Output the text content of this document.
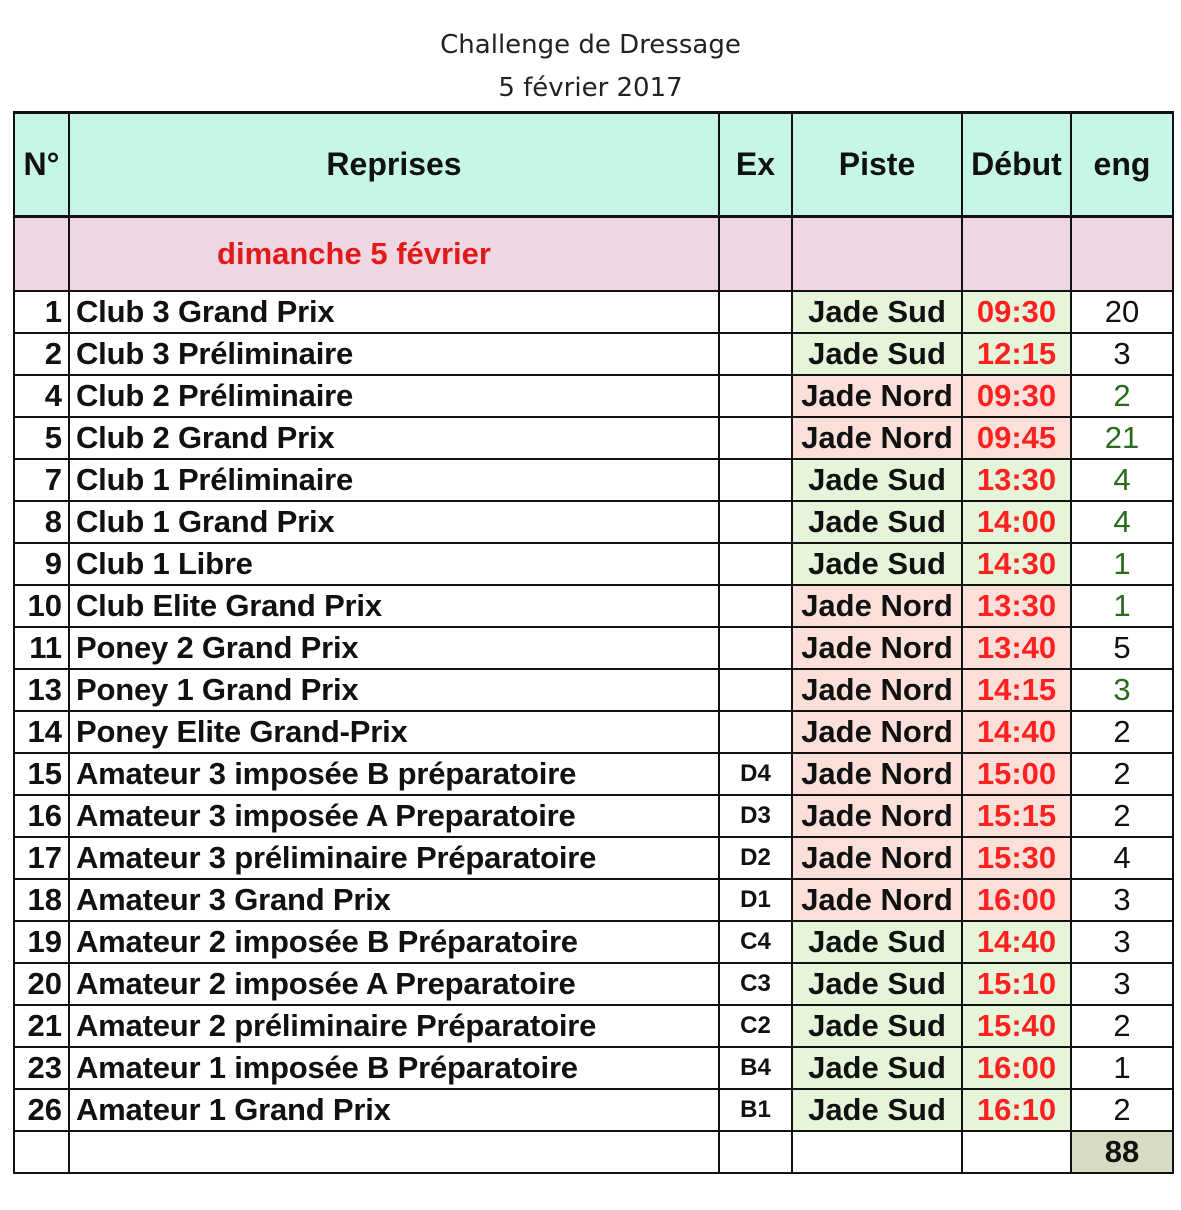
Challenge de Dressage
5 février 2017
N°	Reprises	Ex	Piste	Début	eng
	dimanche 5 février				
1	Club 3 Grand Prix		Jade Sud	09:30	20
2	Club 3 Préliminaire		Jade Sud	12:15	3
4	Club 2 Préliminaire		Jade Nord	09:30	2
5	Club 2 Grand Prix		Jade Nord	09:45	21
7	Club 1 Préliminaire		Jade Sud	13:30	4
8	Club 1 Grand Prix		Jade Sud	14:00	4
9	Club 1 Libre		Jade Sud	14:30	1
10	Club Elite Grand Prix		Jade Nord	13:30	1
11	Poney 2 Grand Prix		Jade Nord	13:40	5
13	Poney 1 Grand Prix		Jade Nord	14:15	3
14	Poney Elite Grand-Prix		Jade Nord	14:40	2
15	Amateur 3 imposée B préparatoire	D4	Jade Nord	15:00	2
16	Amateur 3 imposée A Preparatoire	D3	Jade Nord	15:15	2
17	Amateur 3 préliminaire Préparatoire	D2	Jade Nord	15:30	4
18	Amateur 3 Grand Prix	D1	Jade Nord	16:00	3
19	Amateur 2 imposée B Préparatoire	C4	Jade Sud	14:40	3
20	Amateur 2 imposée A Preparatoire	C3	Jade Sud	15:10	3
21	Amateur 2 préliminaire Préparatoire	C2	Jade Sud	15:40	2
23	Amateur 1 imposée B Préparatoire	B4	Jade Sud	16:00	1
26	Amateur 1 Grand Prix	B1	Jade Sud	16:10	2
					88
